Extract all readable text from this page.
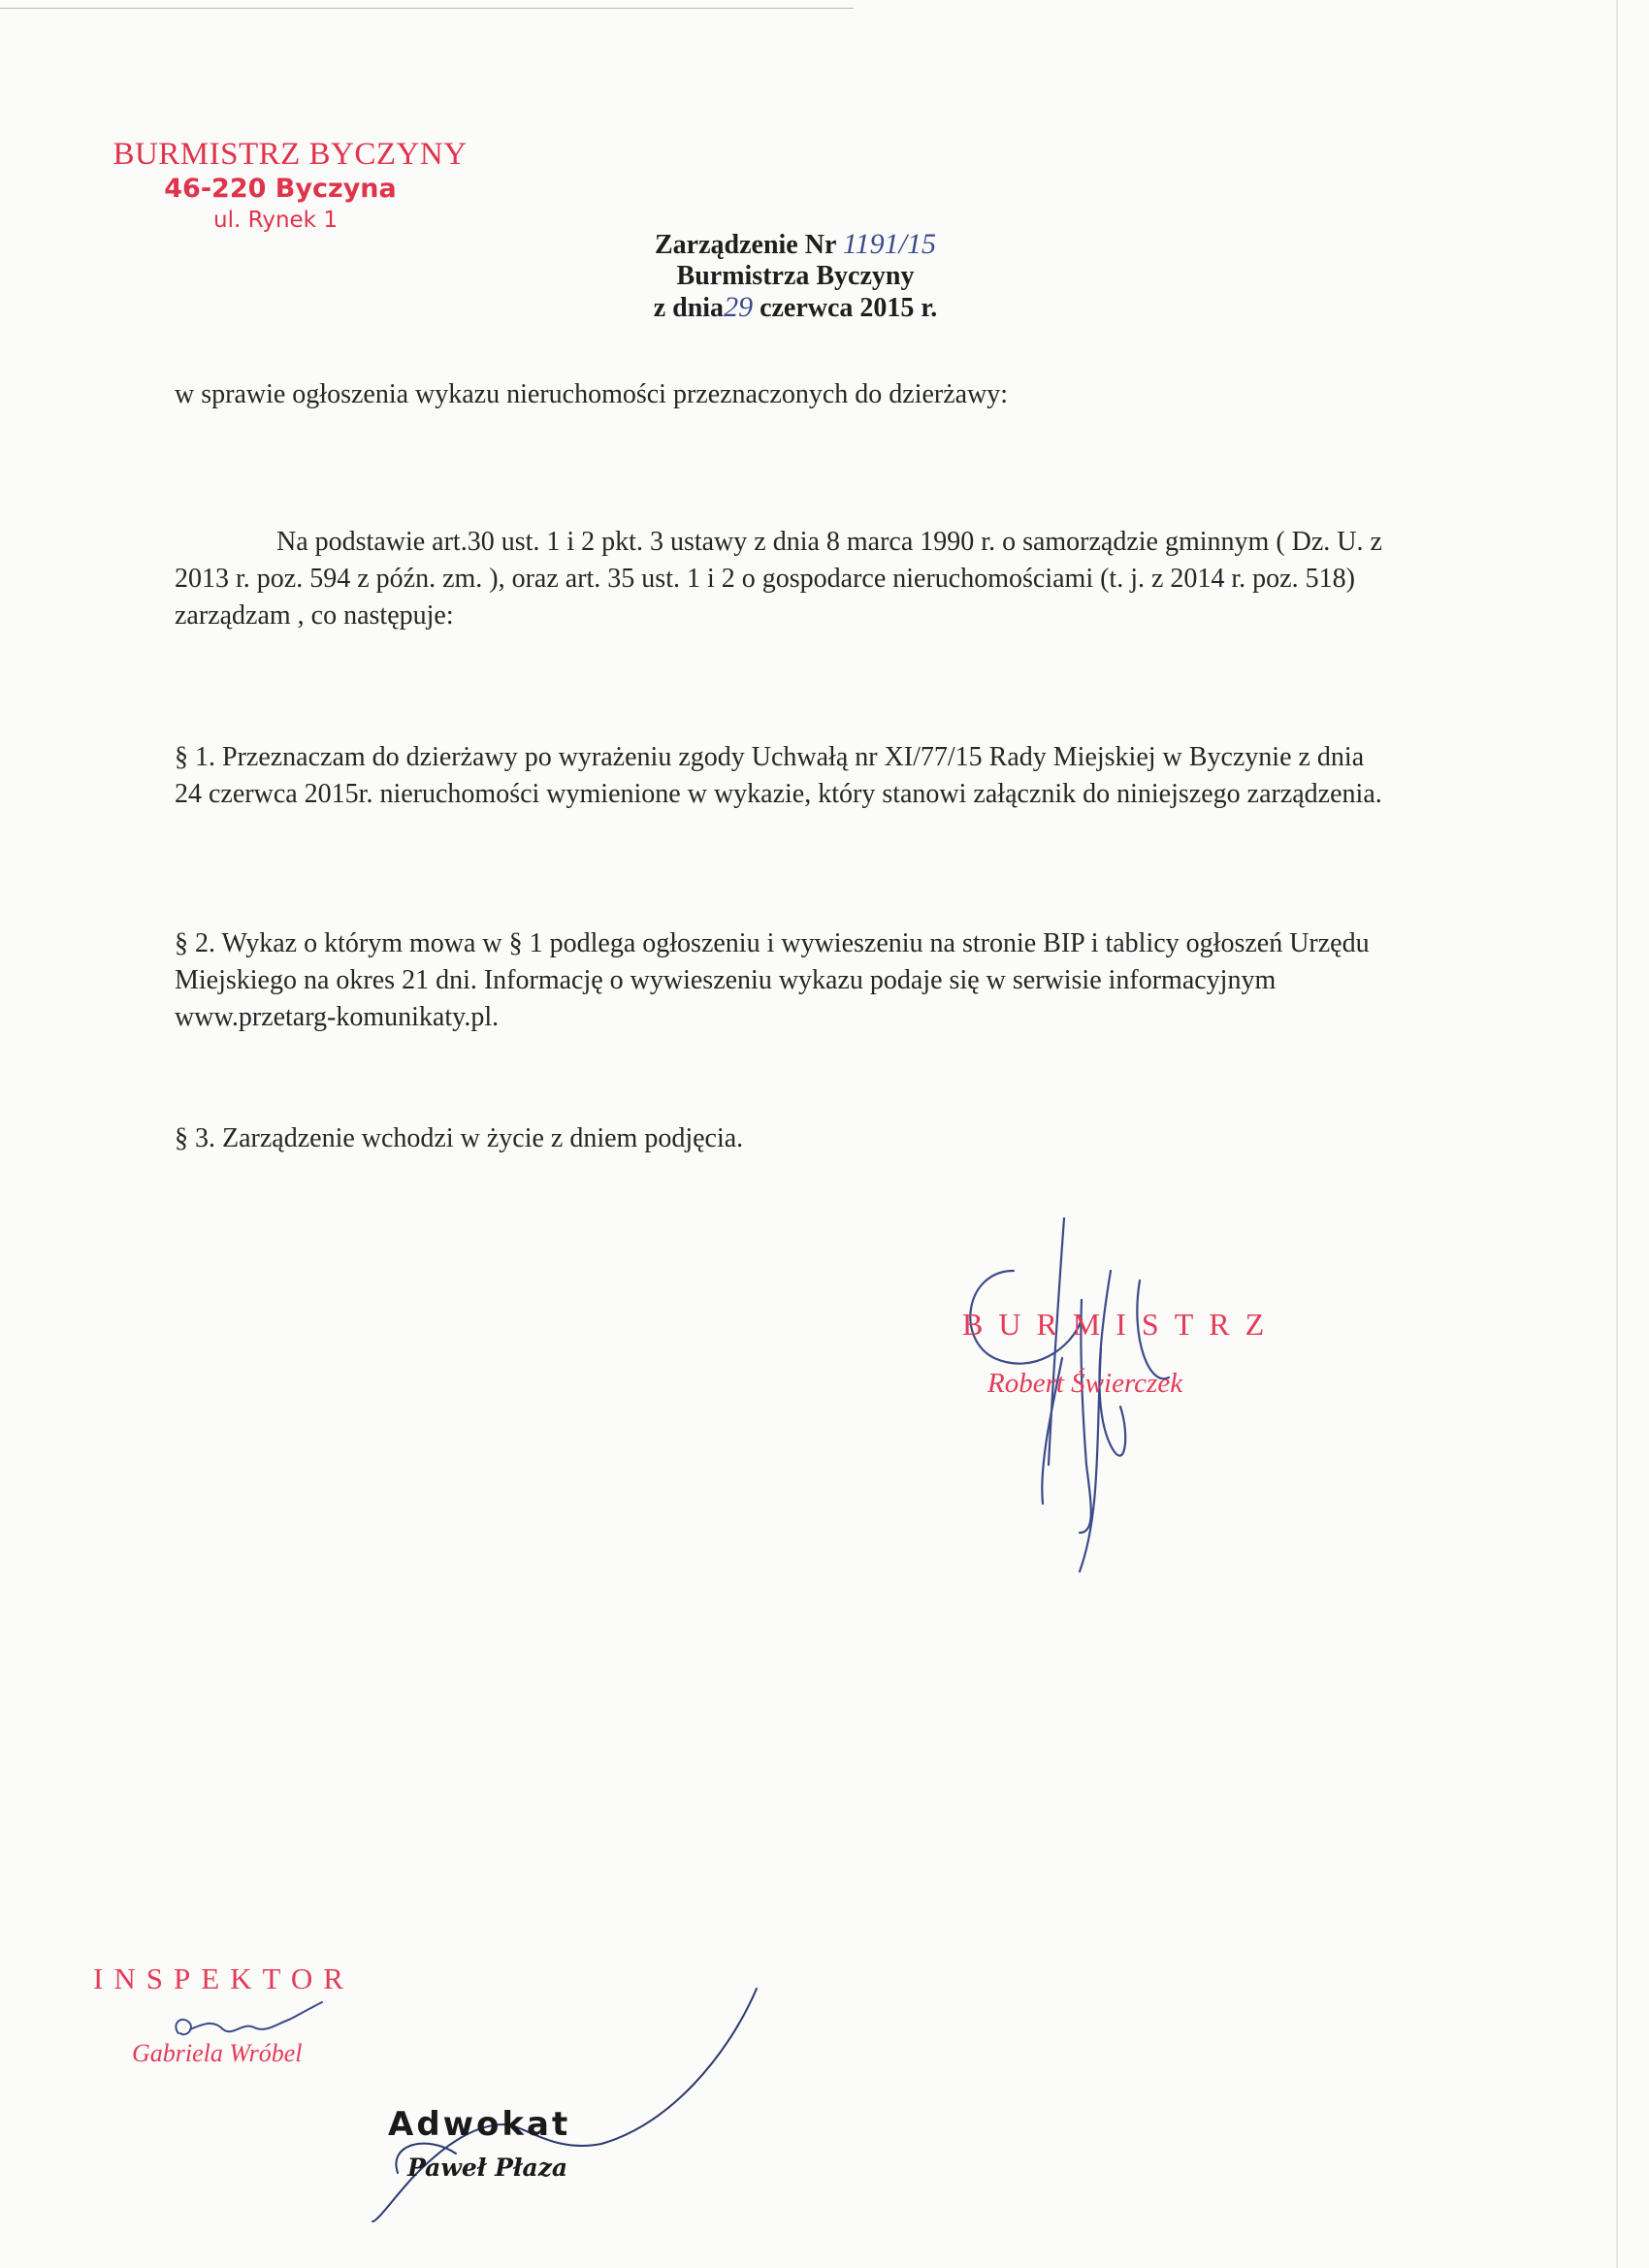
BURMISTRZ BYCZYNY
46-220 Byczyna
ul. Rynek 1
Zarządzenie Nr 1191/15
Burmistrza Byczyny
z dnia29 czerwca 2015 r.
w sprawie ogłoszenia wykazu nieruchomości przeznaczonych do dzierżawy:
Na podstawie art.30 ust. 1 i 2 pkt. 3 ustawy z dnia 8 marca 1990 r. o samorządzie gminnym ( Dz. U. z 2013 r. poz. 594 z późn. zm. ), oraz art. 35 ust. 1 i 2 o gospodarce nieruchomościami (t. j. z 2014 r. poz. 518) zarządzam , co następuje:
§ 1. Przeznaczam do dzierżawy po wyrażeniu zgody Uchwałą nr XI/77/15 Rady Miejskiej w Byczynie z dnia 24 czerwca 2015r. nieruchomości wymienione w wykazie, który stanowi załącznik do niniejszego zarządzenia.
§ 2. Wykaz o którym mowa w § 1 podlega ogłoszeniu i wywieszeniu na stronie BIP i tablicy ogłoszeń Urzędu Miejskiego na okres 21 dni. Informację o wywieszeniu wykazu podaje się w serwisie informacyjnym www.przetarg-komunikaty.pl.
§ 3. Zarządzenie wchodzi w życie z dniem podjęcia.
BURMISTRZ
Robert Świerczek
INSPEKTOR
Gabriela Wróbel
Adwokat
Paweł Płaza
